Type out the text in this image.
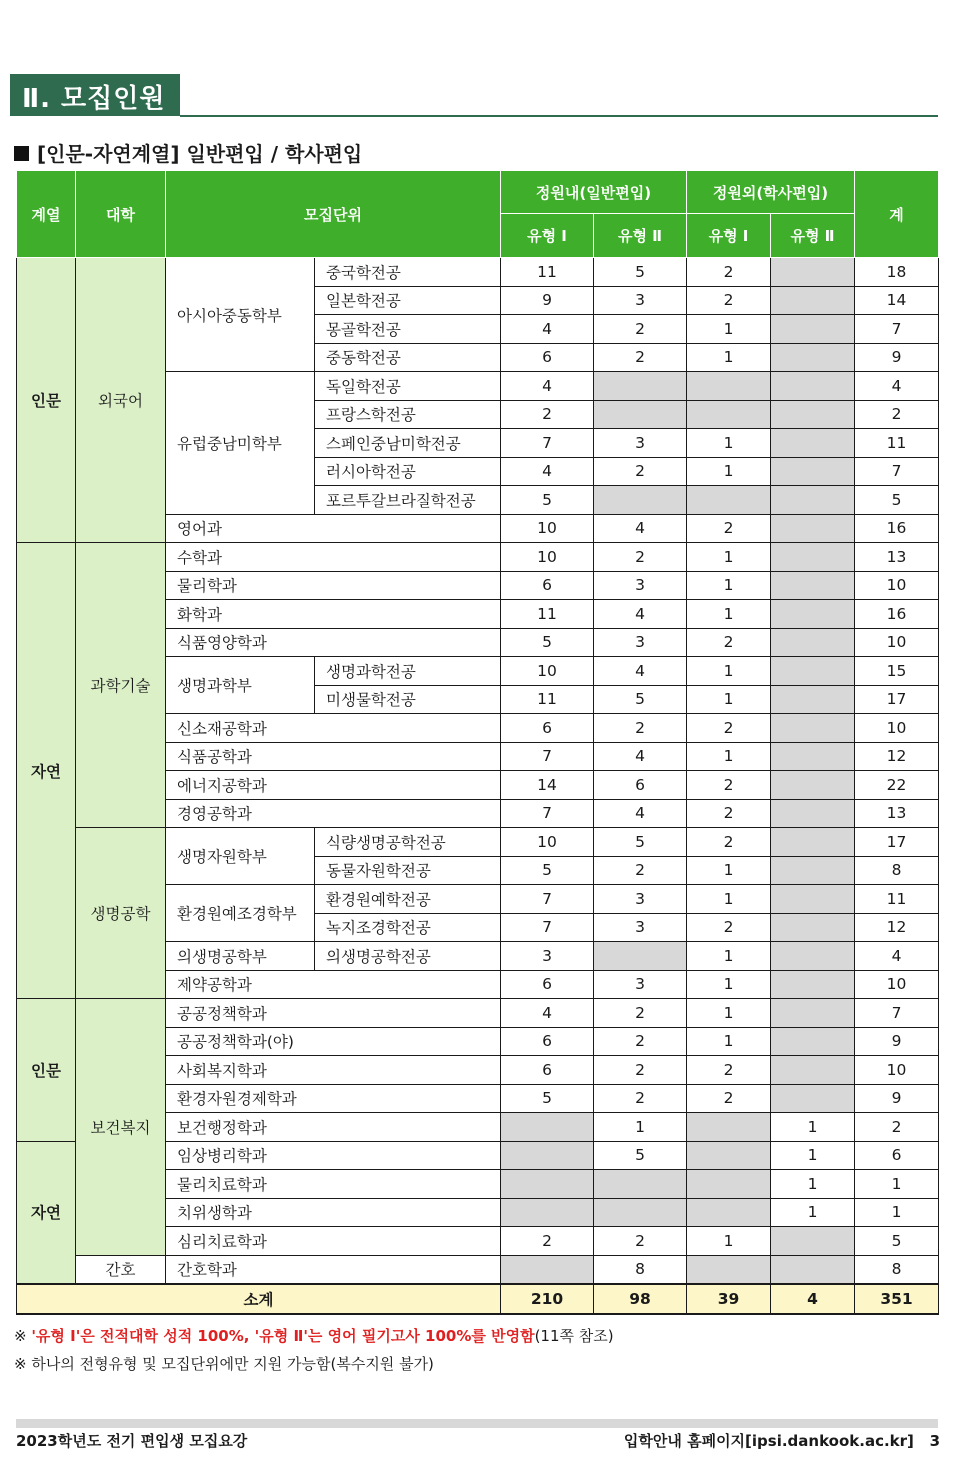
Ⅱ. 모집인원
[인문-자연계열] 일반편입 / 학사편입
계열	대학	모집단위		정원내(일반편입)		정원외(학사편입)		계
				유형 Ⅰ	유형 Ⅱ	유형 Ⅰ	유형 Ⅱ	
인문	외국어	아시아중동학부	중국학전공	11	5	2		18
			일본학전공	9	3	2		14
			몽골학전공	4	2	1		7
			중동학전공	6	2	1		9
		유럽중남미학부	독일학전공	4				4
			프랑스학전공	2				2
			스페인중남미학전공	7	3	1		11
			러시아학전공	4	2	1		7
			포르투갈브라질학전공	5				5
		영어과		10	4	2		16
자연	과학기술	수학과		10	2	1		13
		물리학과		6	3	1		10
		화학과		11	4	1		16
		식품영양학과		5	3	2		10
		생명과학부	생명과학전공	10	4	1		15
			미생물학전공	11	5	1		17
		신소재공학과		6	2	2		10
		식품공학과		7	4	1		12
		에너지공학과		14	6	2		22
		경영공학과		7	4	2		13
	생명공학	생명자원학부	식량생명공학전공	10	5	2		17
			동물자원학전공	5	2	1		8
		환경원예조경학부	환경원예학전공	7	3	1		11
			녹지조경학전공	7	3	2		12
		의생명공학부	의생명공학전공	3		1		4
		제약공학과		6	3	1		10
인문	보건복지	공공정책학과		4	2	1		7
		공공정책학과(야)		6	2	1		9
		사회복지학과		6	2	2		10
		환경자원경제학과		5	2	2		9
		보건행정학과			1		1	2
자연		임상병리학과			5		1	6
		물리치료학과					1	1
		치위생학과					1	1
		심리치료학과		2	2	1		5
	간호	간호학과			8			8
소계				210	98	39	4	351
※ '유형 Ⅰ'은 전적대학 성적 100%, '유형 Ⅱ'는 영어 필기고사 100%를 반영함(11쪽 참조)
※ 하나의 전형유형 및 모집단위에만 지원 가능함(복수지원 불가)
2023학년도 전기 편입생 모집요강	입학안내 홈페이지[ipsi.dankook.ac.kr] 3
